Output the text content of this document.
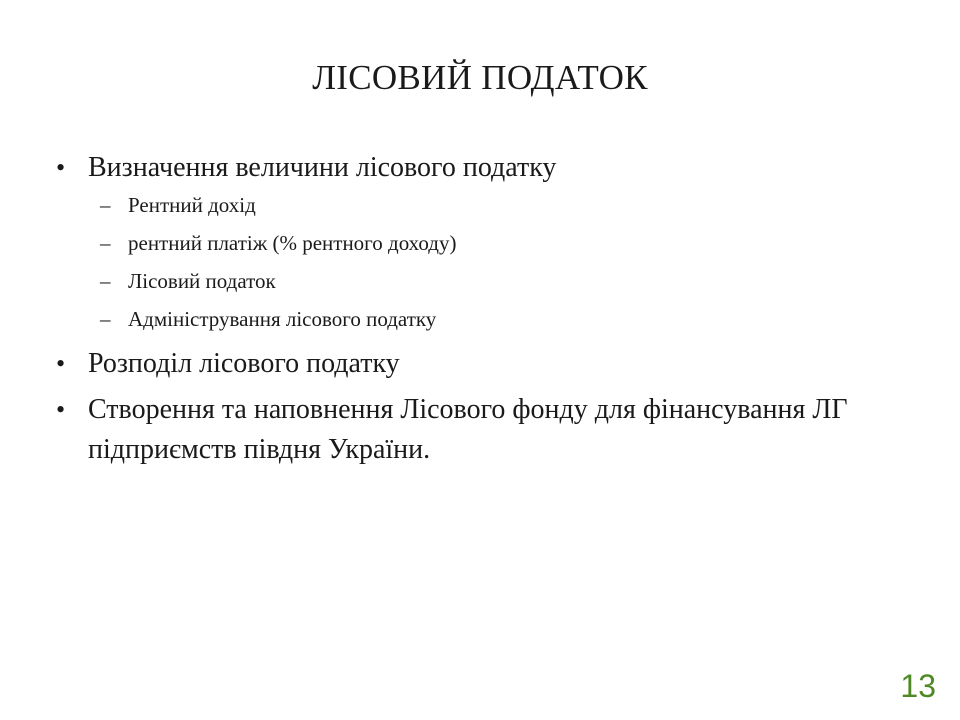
ЛІСОВИЙ ПОДАТОК
• Визначення величини лісового податку
– Рентний дохід
– рентний платіж (% рентного доходу)
– Лісовий податок
– Адміністрування лісового податку
• Розподіл лісового податку
• Створення та наповнення Лісового фонду для фінансування ЛГ підприємств півдня України.
13
